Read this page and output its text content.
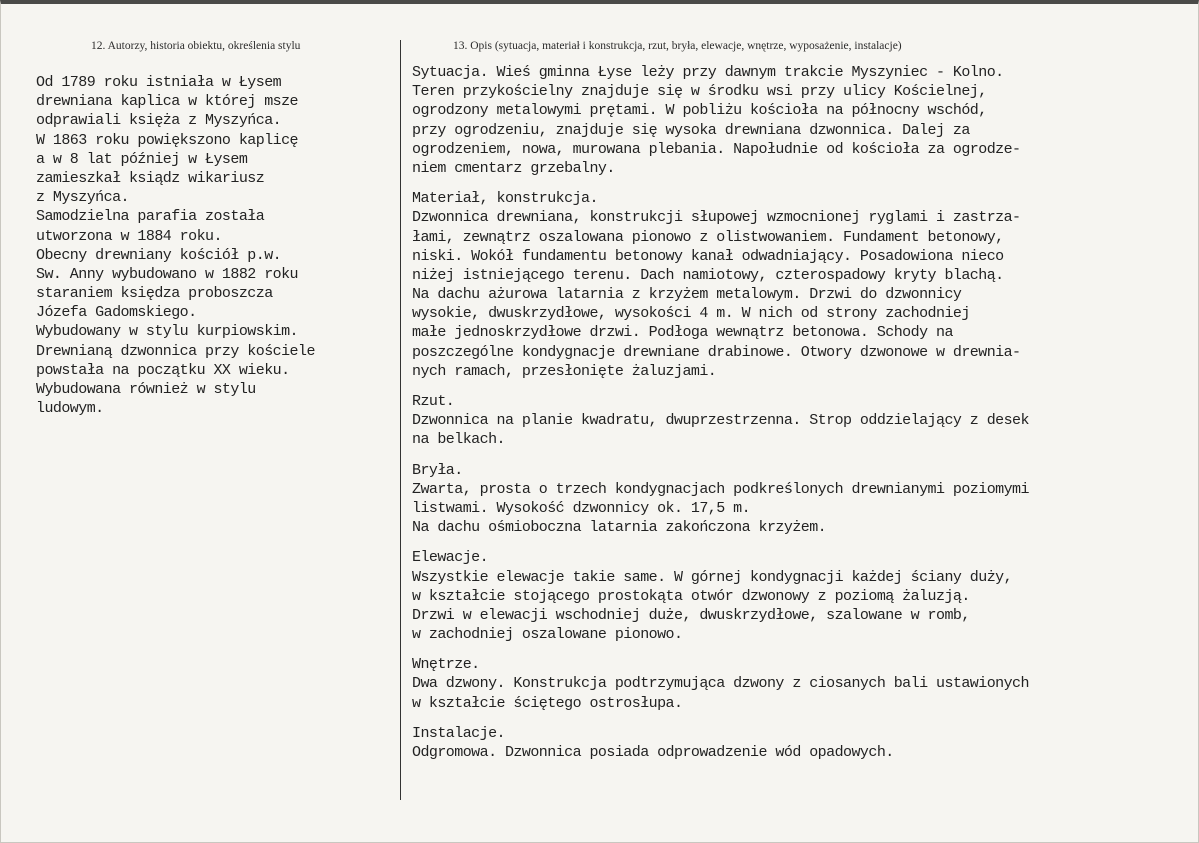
12. Autorzy, historia obiektu, określenia stylu	13. Opis (sytuacja, materiał i konstrukcja, rzut, bryła, elewacje, wnętrze, wyposażenie, instalacje)
Od 1789 roku istniała w Łysem
drewniana kaplica w której msze
odprawiali księża z Myszyńca.
W 1863 roku powiększono kaplicę
a w 8 lat później w Łysem
zamieszkał ksiądz wikariusz
z Myszyńca.
Samodzielna parafia została
utworzona w 1884 roku.
Obecny drewniany kościół p.w.
Sw. Anny wybudowano w 1882 roku
staraniem księdza proboszcza
Józefa Gadomskiego.
Wybudowany w stylu kurpiowskim.
Drewnianą dzwonnica przy kościele
powstała na początku XX wieku.
Wybudowana również w stylu
ludowym.
Sytuacja. Wieś gminna Łyse leży przy dawnym trakcie Myszyniec - Kolno.
Teren przykościelny znajduje się w środku wsi przy ulicy Kościelnej,
ogrodzony metalowymi prętami. W pobliżu kościoła na północny wschód,
przy ogrodzeniu, znajduje się wysoka drewniana dzwonnica. Dalej za
ogrodzeniem, nowa, murowana plebania. Napołudnie od kościoła za ogrodze-
niem cmentarz grzebalny.
Materiał, konstrukcja.
Dzwonnica drewniana, konstrukcji słupowej wzmocnionej ryglami i zastrza-
łami, zewnątrz oszalowana pionowo z olistwowaniem. Fundament betonowy,
niski. Wokół fundamentu betonowy kanał odwadniający. Posadowiona nieco
niżej istniejącego terenu. Dach namiotowy, czterospadowy kryty blachą.
Na dachu ażurowa latarnia z krzyżem metalowym. Drzwi do dzwonnicy
wysokie, dwuskrzydłowe, wysokości 4 m. W nich od strony zachodniej
małe jednoskrzydłowe drzwi. Podłoga wewnątrz betonowa. Schody na
poszczególne kondygnacje drewniane drabinowe. Otwory dzwonowe w drewnia-
nych ramach, przesłonięte żaluzjami.
Rzut.
Dzwonnica na planie kwadratu, dwuprzestrzenna. Strop oddzielający z desek
na belkach.
Bryła.
Zwarta, prosta o trzech kondygnacjach podkreślonych drewnianymi poziomymi
listwami. Wysokość dzwonnicy ok. 17,5 m.
Na dachu ośmioboczna latarnia zakończona krzyżem.
Elewacje.
Wszystkie elewacje takie same. W górnej kondygnacji każdej ściany duży,
w kształcie stojącego prostokąta otwór dzwonowy z poziomą żaluzją.
Drzwi w elewacji wschodniej duże, dwuskrzydłowe, szalowane w romb,
w zachodniej oszalowane pionowo.
Wnętrze.
Dwa dzwony. Konstrukcja podtrzymująca dzwony z ciosanych bali ustawionych
w kształcie ściętego ostrosłupa.
Instalacje.
Odgromowa. Dzwonnica posiada odprowadzenie wód opadowych.
